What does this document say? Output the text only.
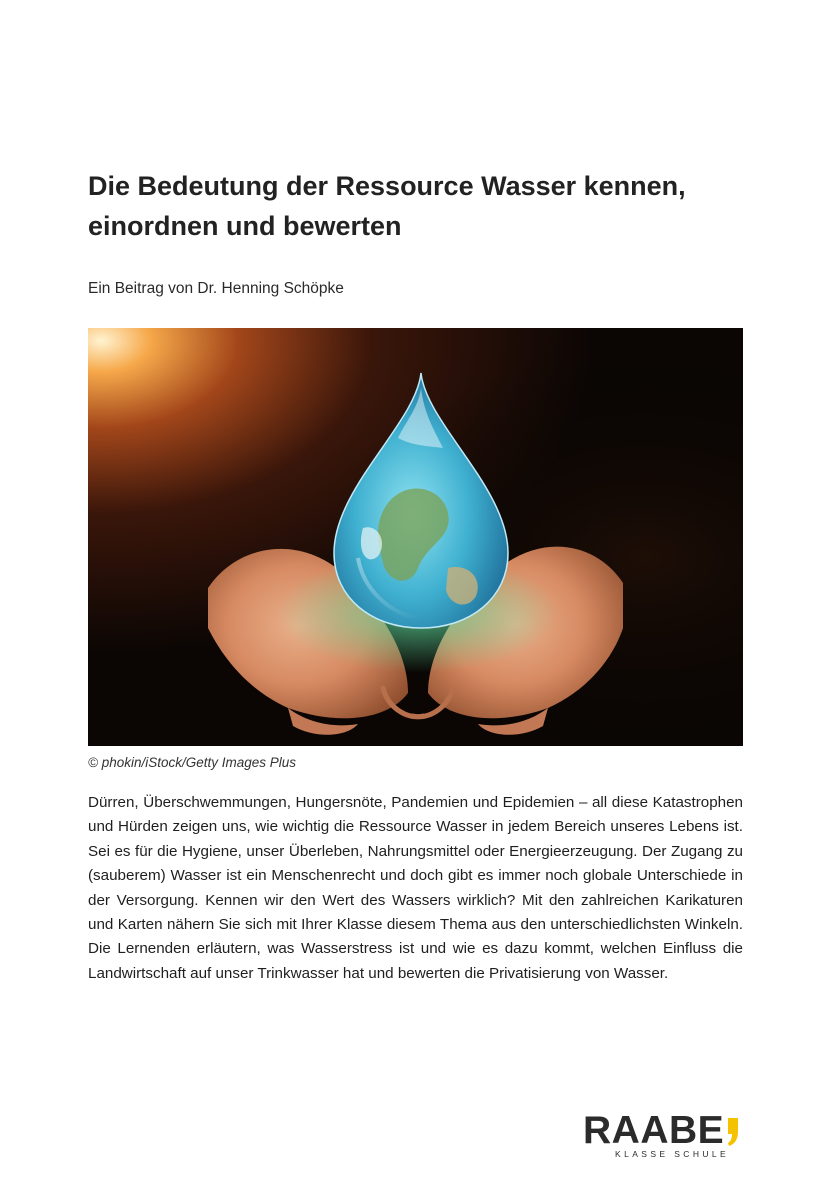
Die Bedeutung der Ressource Wasser kennen,
einordnen und bewerten
Ein Beitrag von Dr. Henning Schöpke
© phokin/iStock/Getty Images Plus

Dürren, Überschwemmungen, Hungersnöte, Pandemien und Epidemien – all diese Katastrophen und Hürden zeigen uns, wie wichtig die Ressource Wasser in jedem Bereich unseres Lebens ist. Sei es für die Hygiene, unser Überleben, Nahrungsmittel oder Energieerzeugung. Der Zugang zu (sauberem) Wasser ist ein Menschenrecht und doch gibt es immer noch globale Unterschiede in der Versorgung. Kennen wir den Wert des Wassers wirklich? Mit den zahlreichen Karikaturen und Karten nähern Sie sich mit Ihrer Klasse diesem Thema aus den unterschiedlichsten Winkeln. Die Lernenden erläutern, was Wasserstress ist und wie es dazu kommt, welchen Einfluss die Landwirtschaft auf unser Trinkwasser hat und bewerten die Privatisierung von Wasser.

RAABE
KLASSE SCHULE
